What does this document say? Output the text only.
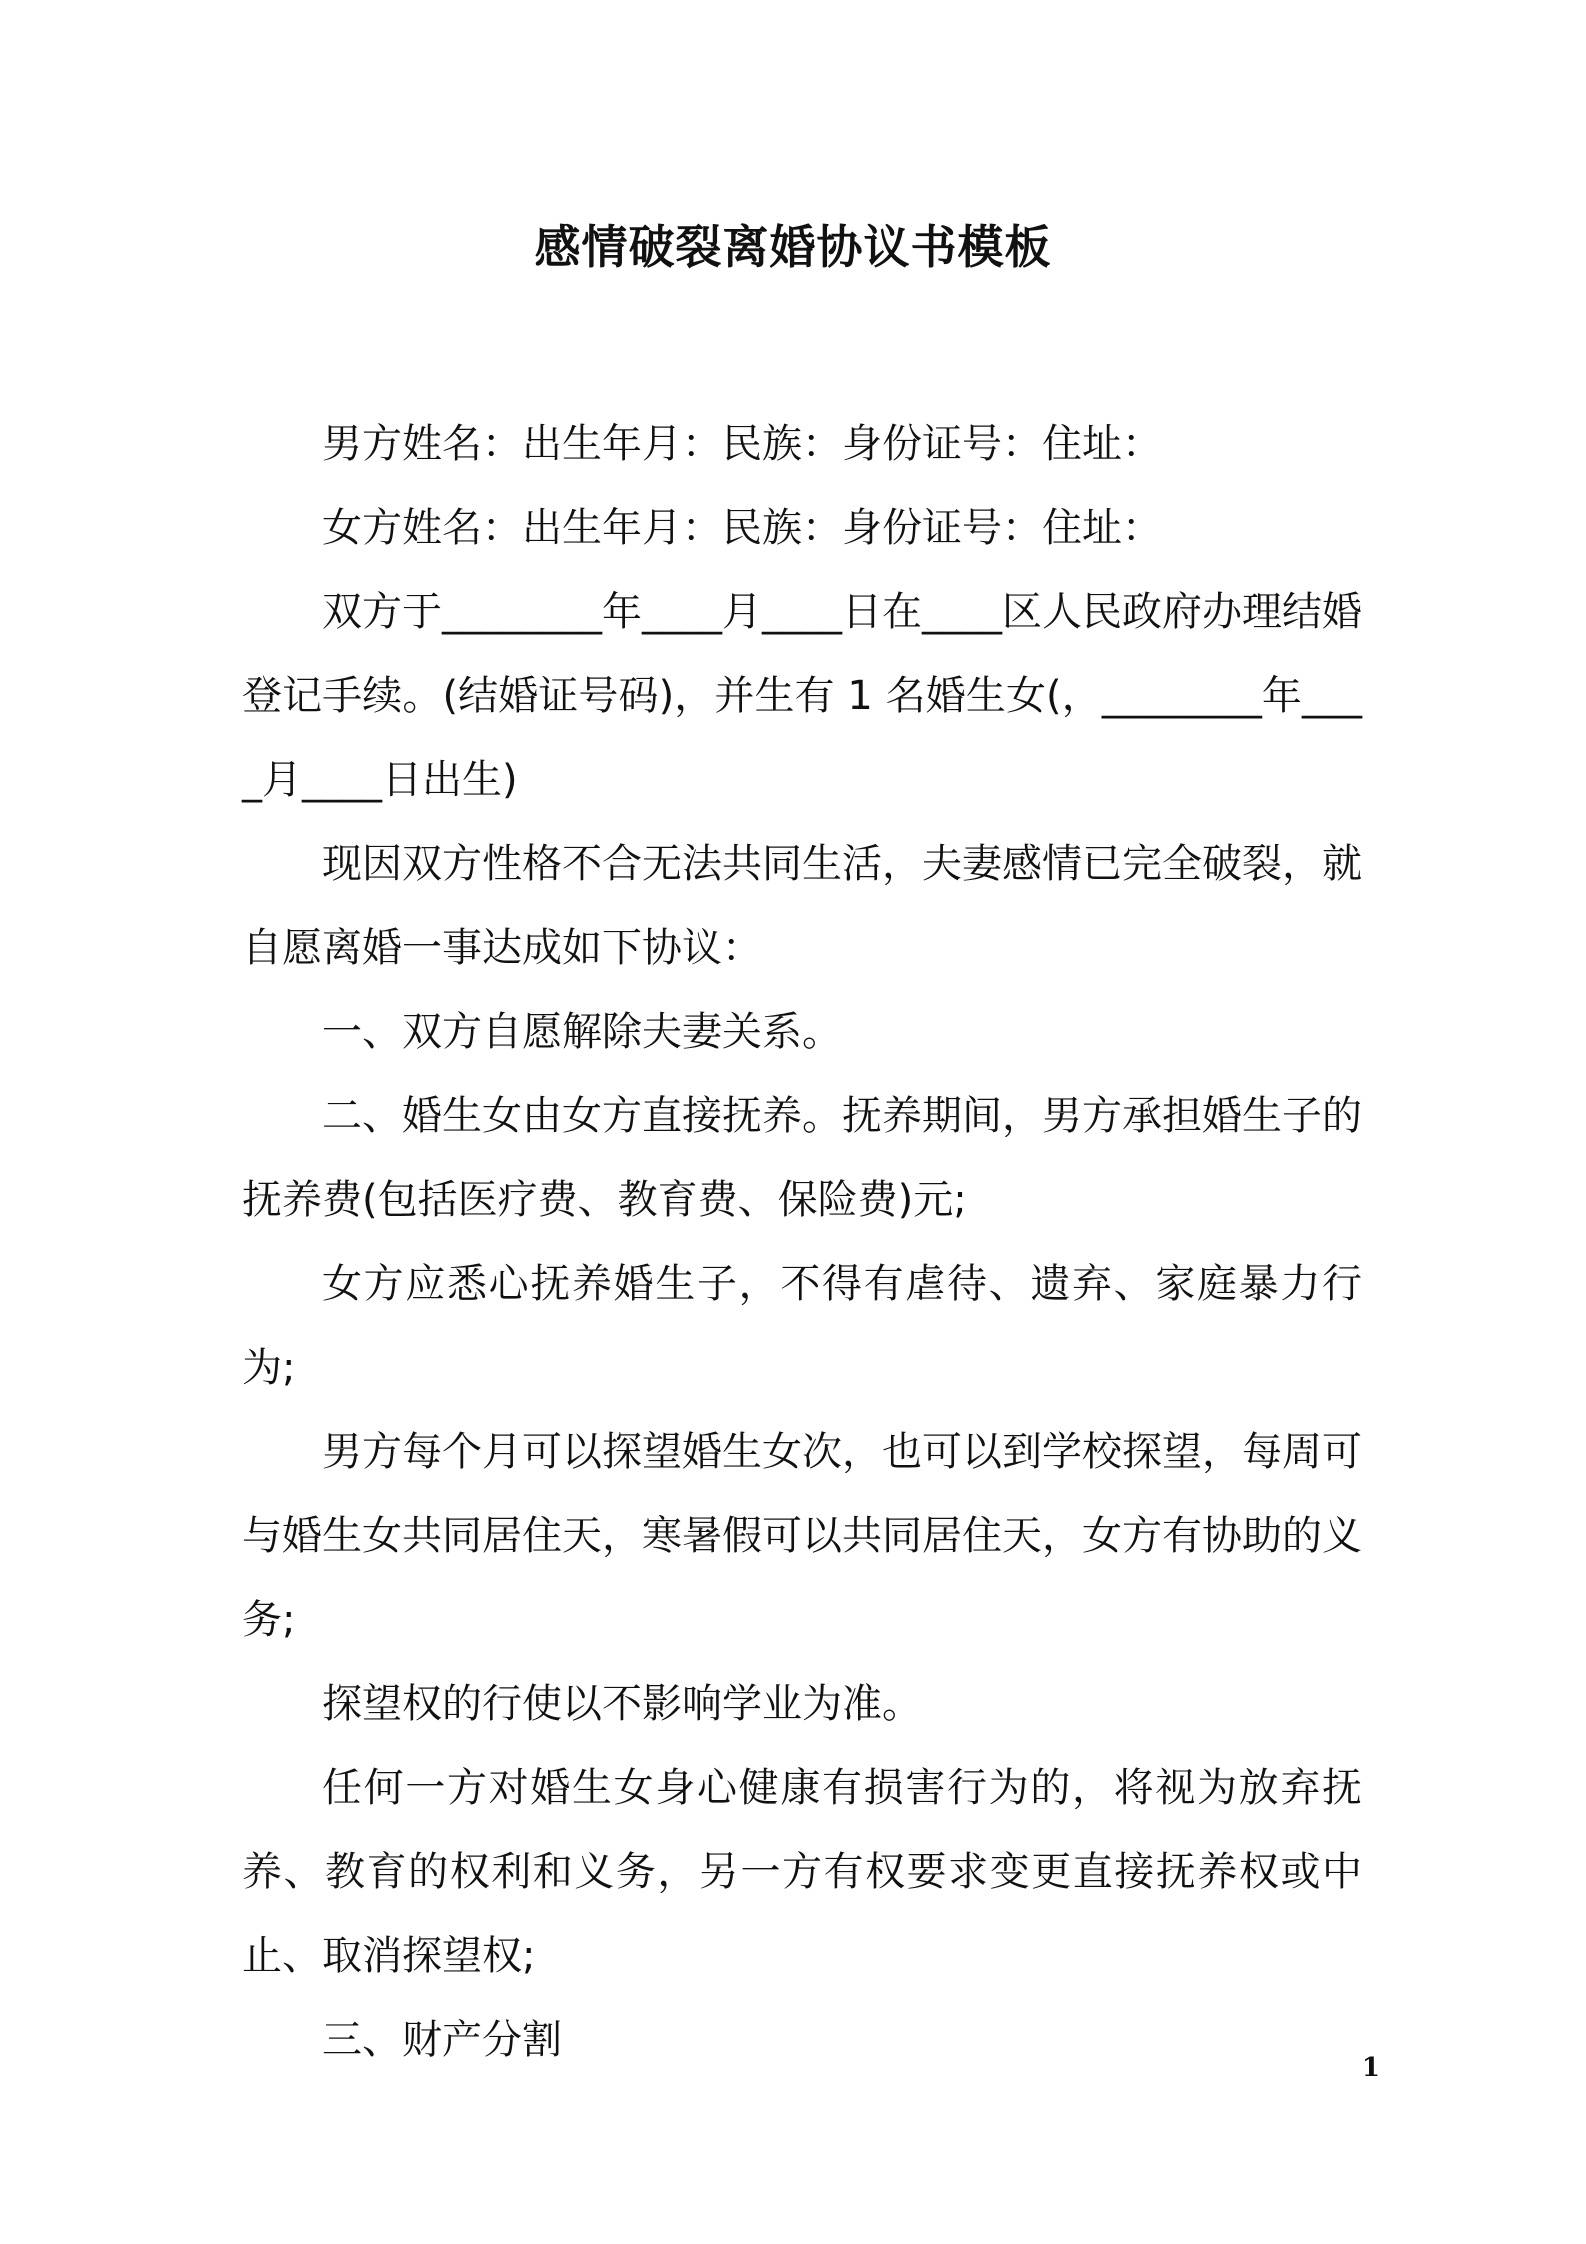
感情破裂离婚协议书模板

男方姓名：出生年月：民族：身份证号：住址：

女方姓名：出生年月：民族：身份证号：住址：

双方于________年____月____日在____区人民政府办理结婚登记手续。(结婚证号码)，并生有 1 名婚生女(，________年____月____日出生)

现因双方性格不合无法共同生活，夫妻感情已完全破裂，就自愿离婚一事达成如下协议：

一、双方自愿解除夫妻关系。

二、婚生女由女方直接抚养。抚养期间，男方承担婚生子的抚养费(包括医疗费、教育费、保险费)元;

女方应悉心抚养婚生子，不得有虐待、遗弃、家庭暴力行为;

男方每个月可以探望婚生女次，也可以到学校探望，每周可与婚生女共同居住天，寒暑假可以共同居住天，女方有协助的义务;

探望权的行使以不影响学业为准。

任何一方对婚生女身心健康有损害行为的，将视为放弃抚养、教育的权利和义务，另一方有权要求变更直接抚养权或中止、取消探望权;

三、财产分割

1
